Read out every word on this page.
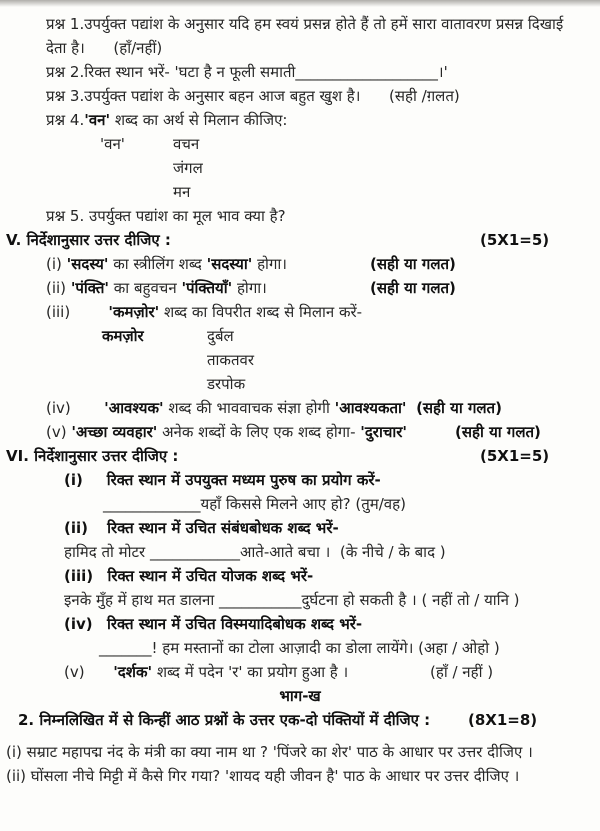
प्रश्न 1.उपर्युक्त पद्यांश के अनुसार यदि हम स्वयं प्रसन्न होते हैं तो हमें सारा वातावरण प्रसन्न दिखाई
देता है।      (हाँ/नहीं)
प्रश्न 2.रिक्त स्थान भरें- 'घटा है न फूली समाती___________________।'
प्रश्न 3.उपर्युक्त पद्यांश के अनुसार बहन आज बहुत खुश है।      (सही /ग़लत)
प्रश्न 4.'वन' शब्द का अर्थ से मिलान कीजिए:
'वन'	वचन
जंगल
मन
प्रश्न 5. उपर्युक्त पद्यांश का मूल भाव क्या है?
V. निर्देशानुसार उत्तर दीजिए :	(5X1=5)
(i) 'सदस्य' का स्त्रीलिंग शब्द 'सदस्या' होगा।	(सही या गलत)
(ii) 'पंक्ति' का बहुवचन 'पंक्तियाँ' होगा।	(सही या गलत)
(iii)        'कमज़ोर' शब्द का विपरीत शब्द से मिलान करें-
कमज़ोर	दुर्बल
ताकतवर
डरपोक
(iv)       'आवश्यक' शब्द की भाववाचक संज्ञा होगी 'आवश्यकता' (सही या गलत)
(v) 'अच्छा व्यवहार' अनेक शब्दों के लिए एक शब्द होगा- 'दुराचार'	(सही या गलत)
VI. निर्देशानुसार उत्तर दीजिए :	(5X1=5)
(i) रिक्त स्थान में उपयुक्त मध्यम पुरुष का प्रयोग करें-
_____________यहाँ किससे मिलने आए हो? (तुम/वह)
(ii) रिक्त स्थान में उचित संबंधबोधक शब्द भरें-
हामिद तो मोटर ____________आते-आते बचा ।  (के नीचे / के बाद )
(iii) रिक्त स्थान में उचित योजक शब्द भरें-
इनके मुँह में हाथ मत डालना ___________दुर्घटना हो सकती है । ( नहीं तो / यानि )
(iv) रिक्त स्थान में उचित विस्मयादिबोधक शब्द भरें-
_______! हम मस्तानों का टोला आज़ादी का डोला लायेंगे। (अहा / ओहो )
(v) 'दर्शक' शब्द में पदेन 'र' का प्रयोग हुआ है ।	(हाँ / नहीं )
भाग-ख
2. निम्नलिखित में से किन्हीं आठ प्रश्नों के उत्तर एक-दो पंक्तियों में दीजिए :	(8X1=8)
(i) सम्राट महापद्म नंद के मंत्री का क्या नाम था ? 'पिंजरे का शेर' पाठ के आधार पर उत्तर दीजिए ।
(ii) घोंसला नीचे मिट्टी में कैसे गिर गया? 'शायद यही जीवन है' पाठ के आधार पर उत्तर दीजिए ।
